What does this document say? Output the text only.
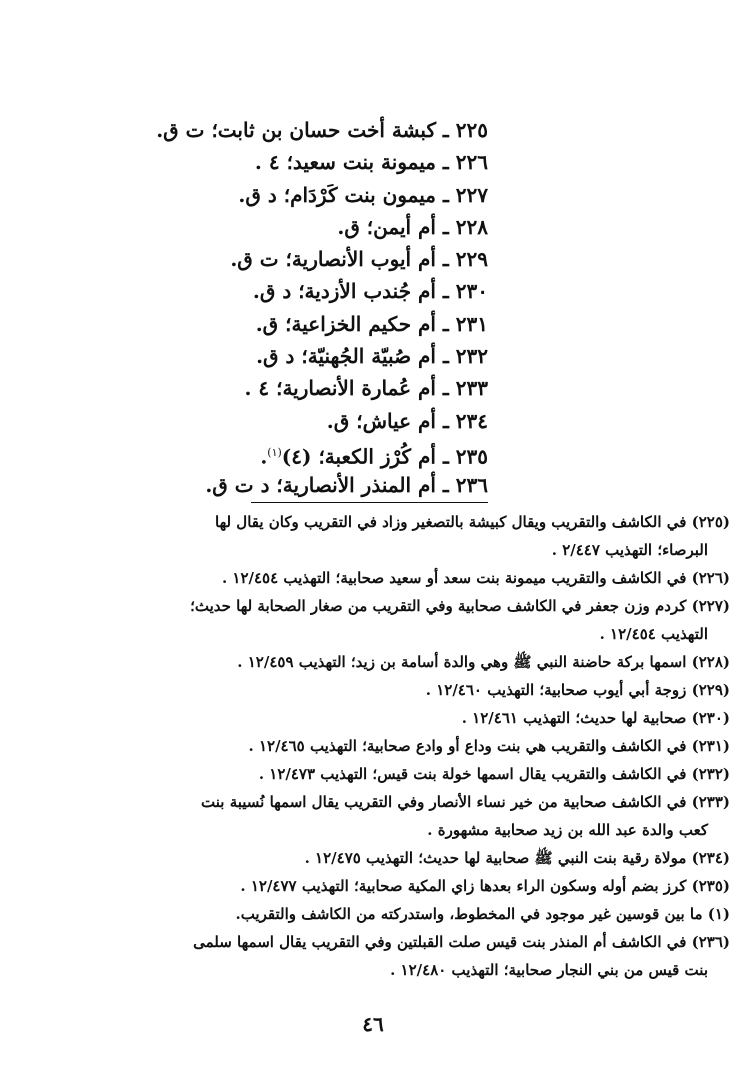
٢٢٥ ـ كبشة أخت حسان بن ثابت؛ ت ق.
٢٢٦ ـ ميمونة بنت سعيد؛ ٤ .
٢٢٧ ـ ميمون بنت كَرْدَام؛ د ق.
٢٢٨ ـ أم أيمن؛ ق.
٢٢٩ ـ أم أيوب الأنصارية؛ ت ق.
٢٣٠ ـ أم جُندب الأزدية؛ د ق.
٢٣١ ـ أم حكيم الخزاعية؛ ق.
٢٣٢ ـ أم صُبيّة الجُهنيّة؛ د ق.
٢٣٣ ـ أم عُمارة الأنصارية؛ ٤ .
٢٣٤ ـ أم عياش؛ ق.
٢٣٥ ـ أم كُرْز الكعبة؛ (٤)$^{(١)}$.
٢٣٦ ـ أم المنذر الأنصارية؛ د ت ق.
(٢٢٥) في الكاشف والتقريب ويقال كبيشة بالتصغير وزاد في التقريب وكان يقال لها
البرصاء؛ التهذيب ٢/٤٤٧ .
(٢٢٦) في الكاشف والتقريب ميمونة بنت سعد أو سعيد صحابية؛ التهذيب ١٢/٤٥٤ .
(٢٢٧) كردم وزن جعفر في الكاشف صحابية وفي التقريب من صغار الصحابة لها حديث؛
التهذيب ١٢/٤٥٤ .
(٢٢٨) اسمها بركة حاضنة النبي ﷺ وهي والدة أسامة بن زيد؛ التهذيب ١٢/٤٥٩ .
(٢٢٩) زوجة أبي أيوب صحابية؛ التهذيب ١٢/٤٦٠ .
(٢٣٠) صحابية لها حديث؛ التهذيب ١٢/٤٦١ .
(٢٣١) في الكاشف والتقريب هي بنت وداع أو وادع صحابية؛ التهذيب ١٢/٤٦٥ .
(٢٣٢) في الكاشف والتقريب يقال اسمها خولة بنت قيس؛ التهذيب ١٢/٤٧٣ .
(٢٣٣) في الكاشف صحابية من خير نساء الأنصار وفي التقريب يقال اسمها نُسيبة بنت
كعب والدة عبد الله بن زيد صحابية مشهورة .
(٢٣٤) مولاة رقية بنت النبي ﷺ صحابية لها حديث؛ التهذيب ١٢/٤٧٥ .
(٢٣٥) كرز بضم أوله وسكون الراء بعدها زاي المكية صحابية؛ التهذيب ١٢/٤٧٧ .
(١) ما بين قوسين غير موجود في المخطوط، واستدركته من الكاشف والتقريب.
(٢٣٦) في الكاشف أم المنذر بنت قيس صلت القبلتين وفي التقريب يقال اسمها سلمى
بنت قيس من بني النجار صحابية؛ التهذيب ١٢/٤٨٠ .
٤٦
